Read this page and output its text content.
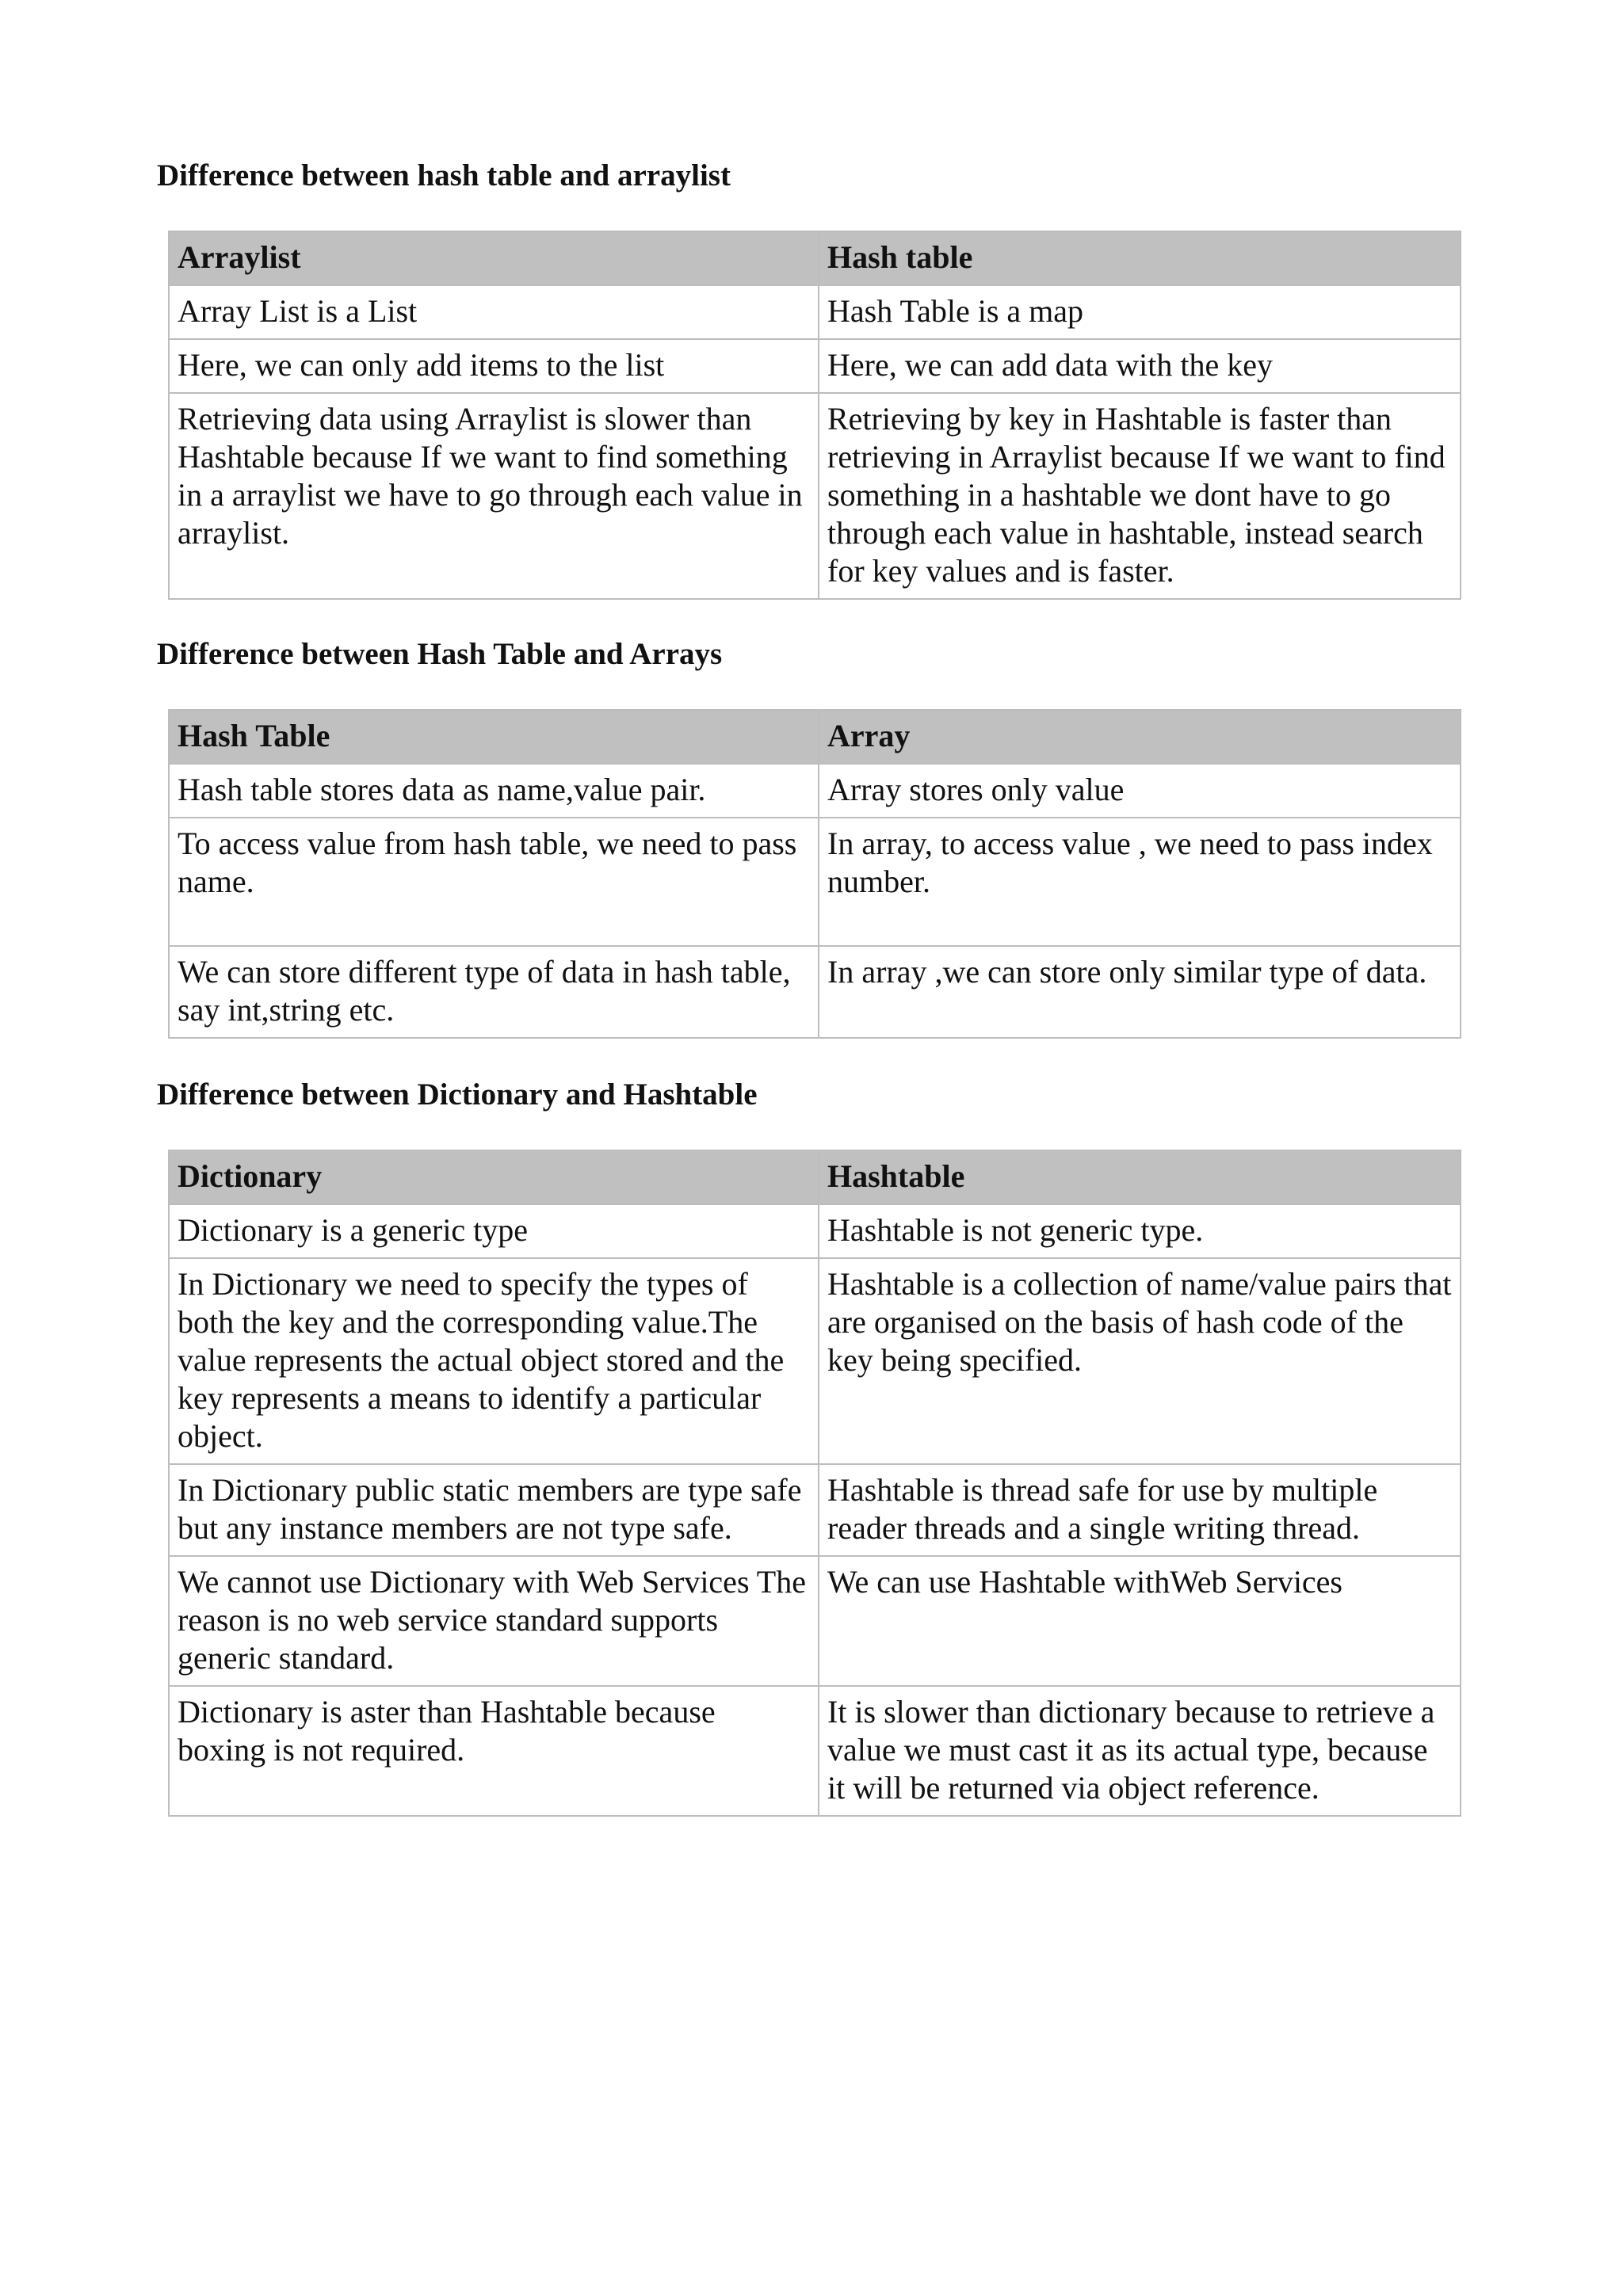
Difference between hash table and arraylist
Arraylist	Hash table
Array List is a List	Hash Table is a map
Here, we can only add items to the list	Here, we can add data with the key
Retrieving data using Arraylist is slower than Hashtable because If we want to find something in a arraylist we have to go through each value in arraylist.	Retrieving by key in Hashtable is faster than retrieving in Arraylist because If we want to find something in a hashtable we dont have to go through each value in hashtable, instead search for key values and is faster.
Difference between Hash Table and Arrays
Hash Table	Array
Hash table stores data as name,value pair.	Array stores only value
To access value from hash table, we need to pass name.	In array, to access value , we need to pass index number.
We can store different type of data in hash table, say int,string etc.	In array ,we can store only similar type of data.
Difference between Dictionary and Hashtable
Dictionary	Hashtable
Dictionary is a generic type	Hashtable is not generic type.
In Dictionary we need to specify the types of both the key and the corresponding value.The value represents the actual object stored and the key represents a means to identify a particular object.	Hashtable is a collection of name/value pairs that are organised on the basis of hash code of the key being specified.
In Dictionary public static members are type safe but any instance members are not type safe.	Hashtable is thread safe for use by multiple reader threads and a single writing thread.
We cannot use Dictionary with Web Services The reason is no web service standard supports generic standard.	We can use Hashtable withWeb Services
Dictionary is aster than Hashtable because boxing is not required.	It is slower than dictionary because to retrieve a value we must cast it as its actual type, because it will be returned via object reference.
